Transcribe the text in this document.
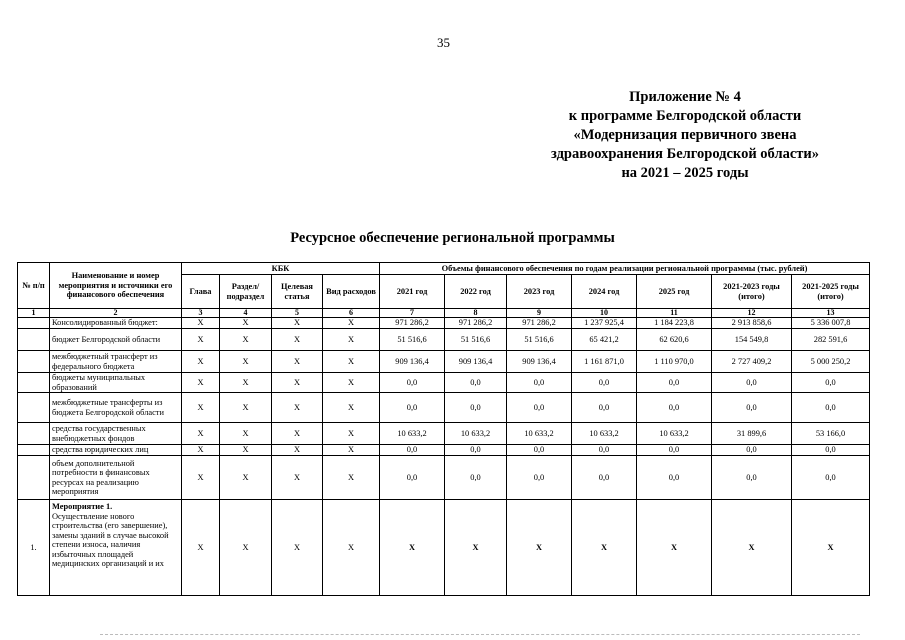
35
Приложение № 4
к программе Белгородской области
«Модернизация первичного звена
здравоохранения Белгородской области»
на 2021 – 2025 годы
Ресурсное обеспечение региональной программы
№ п/п	Наименование и номер мероприятия и источники его финансового обеспечения	КБК				Объемы финансового обеспечения по годам реализации региональной программы (тыс. рублей)						
		Глава	Раздел/ подраздел	Целевая статья	Вид расходов	2021 год	2022 год	2023 год	2024 год	2025 год	2021-2023 годы (итого)	2021-2025 годы (итого)
1	2	3	4	5	6	7	8	9	10	11	12	13
	Консолидированный бюджет:	Х	Х	Х	Х	971 286,2	971 286,2	971 286,2	1 237 925,4	1 184 223,8	2 913 858,6	5 336 007,8
	бюджет Белгородской области	Х	Х	Х	Х	51 516,6	51 516,6	51 516,6	65 421,2	62 620,6	154 549,8	282 591,6
	межбюджетный трансферт из федерального бюджета	Х	Х	Х	Х	909 136,4	909 136,4	909 136,4	1 161 871,0	1 110 970,0	2 727 409,2	5 000 250,2
	бюджеты муниципальных образований	Х	Х	Х	Х	0,0	0,0	0,0	0,0	0,0	0,0	0,0
	межбюджетные трансферты из бюджета Белгородской области	Х	Х	Х	Х	0,0	0,0	0,0	0,0	0,0	0,0	0,0
	средства государственных внебюджетных фондов	Х	Х	Х	Х	10 633,2	10 633,2	10 633,2	10 633,2	10 633,2	31 899,6	53 166,0
	средства юридических лиц	Х	Х	Х	Х	0,0	0,0	0,0	0,0	0,0	0,0	0,0
	объем дополнительной потребности в финансовых ресурсах на реализацию мероприятия	Х	Х	Х	Х	0,0	0,0	0,0	0,0	0,0	0,0	0,0
1.	Мероприятие 1.
Осуществление нового строительства (его завершение), замены зданий в случае высокой степени износа, наличия избыточных площадей медицинских организаций и их	Х	Х	Х	Х	Х	Х	Х	Х	Х	Х	Х
